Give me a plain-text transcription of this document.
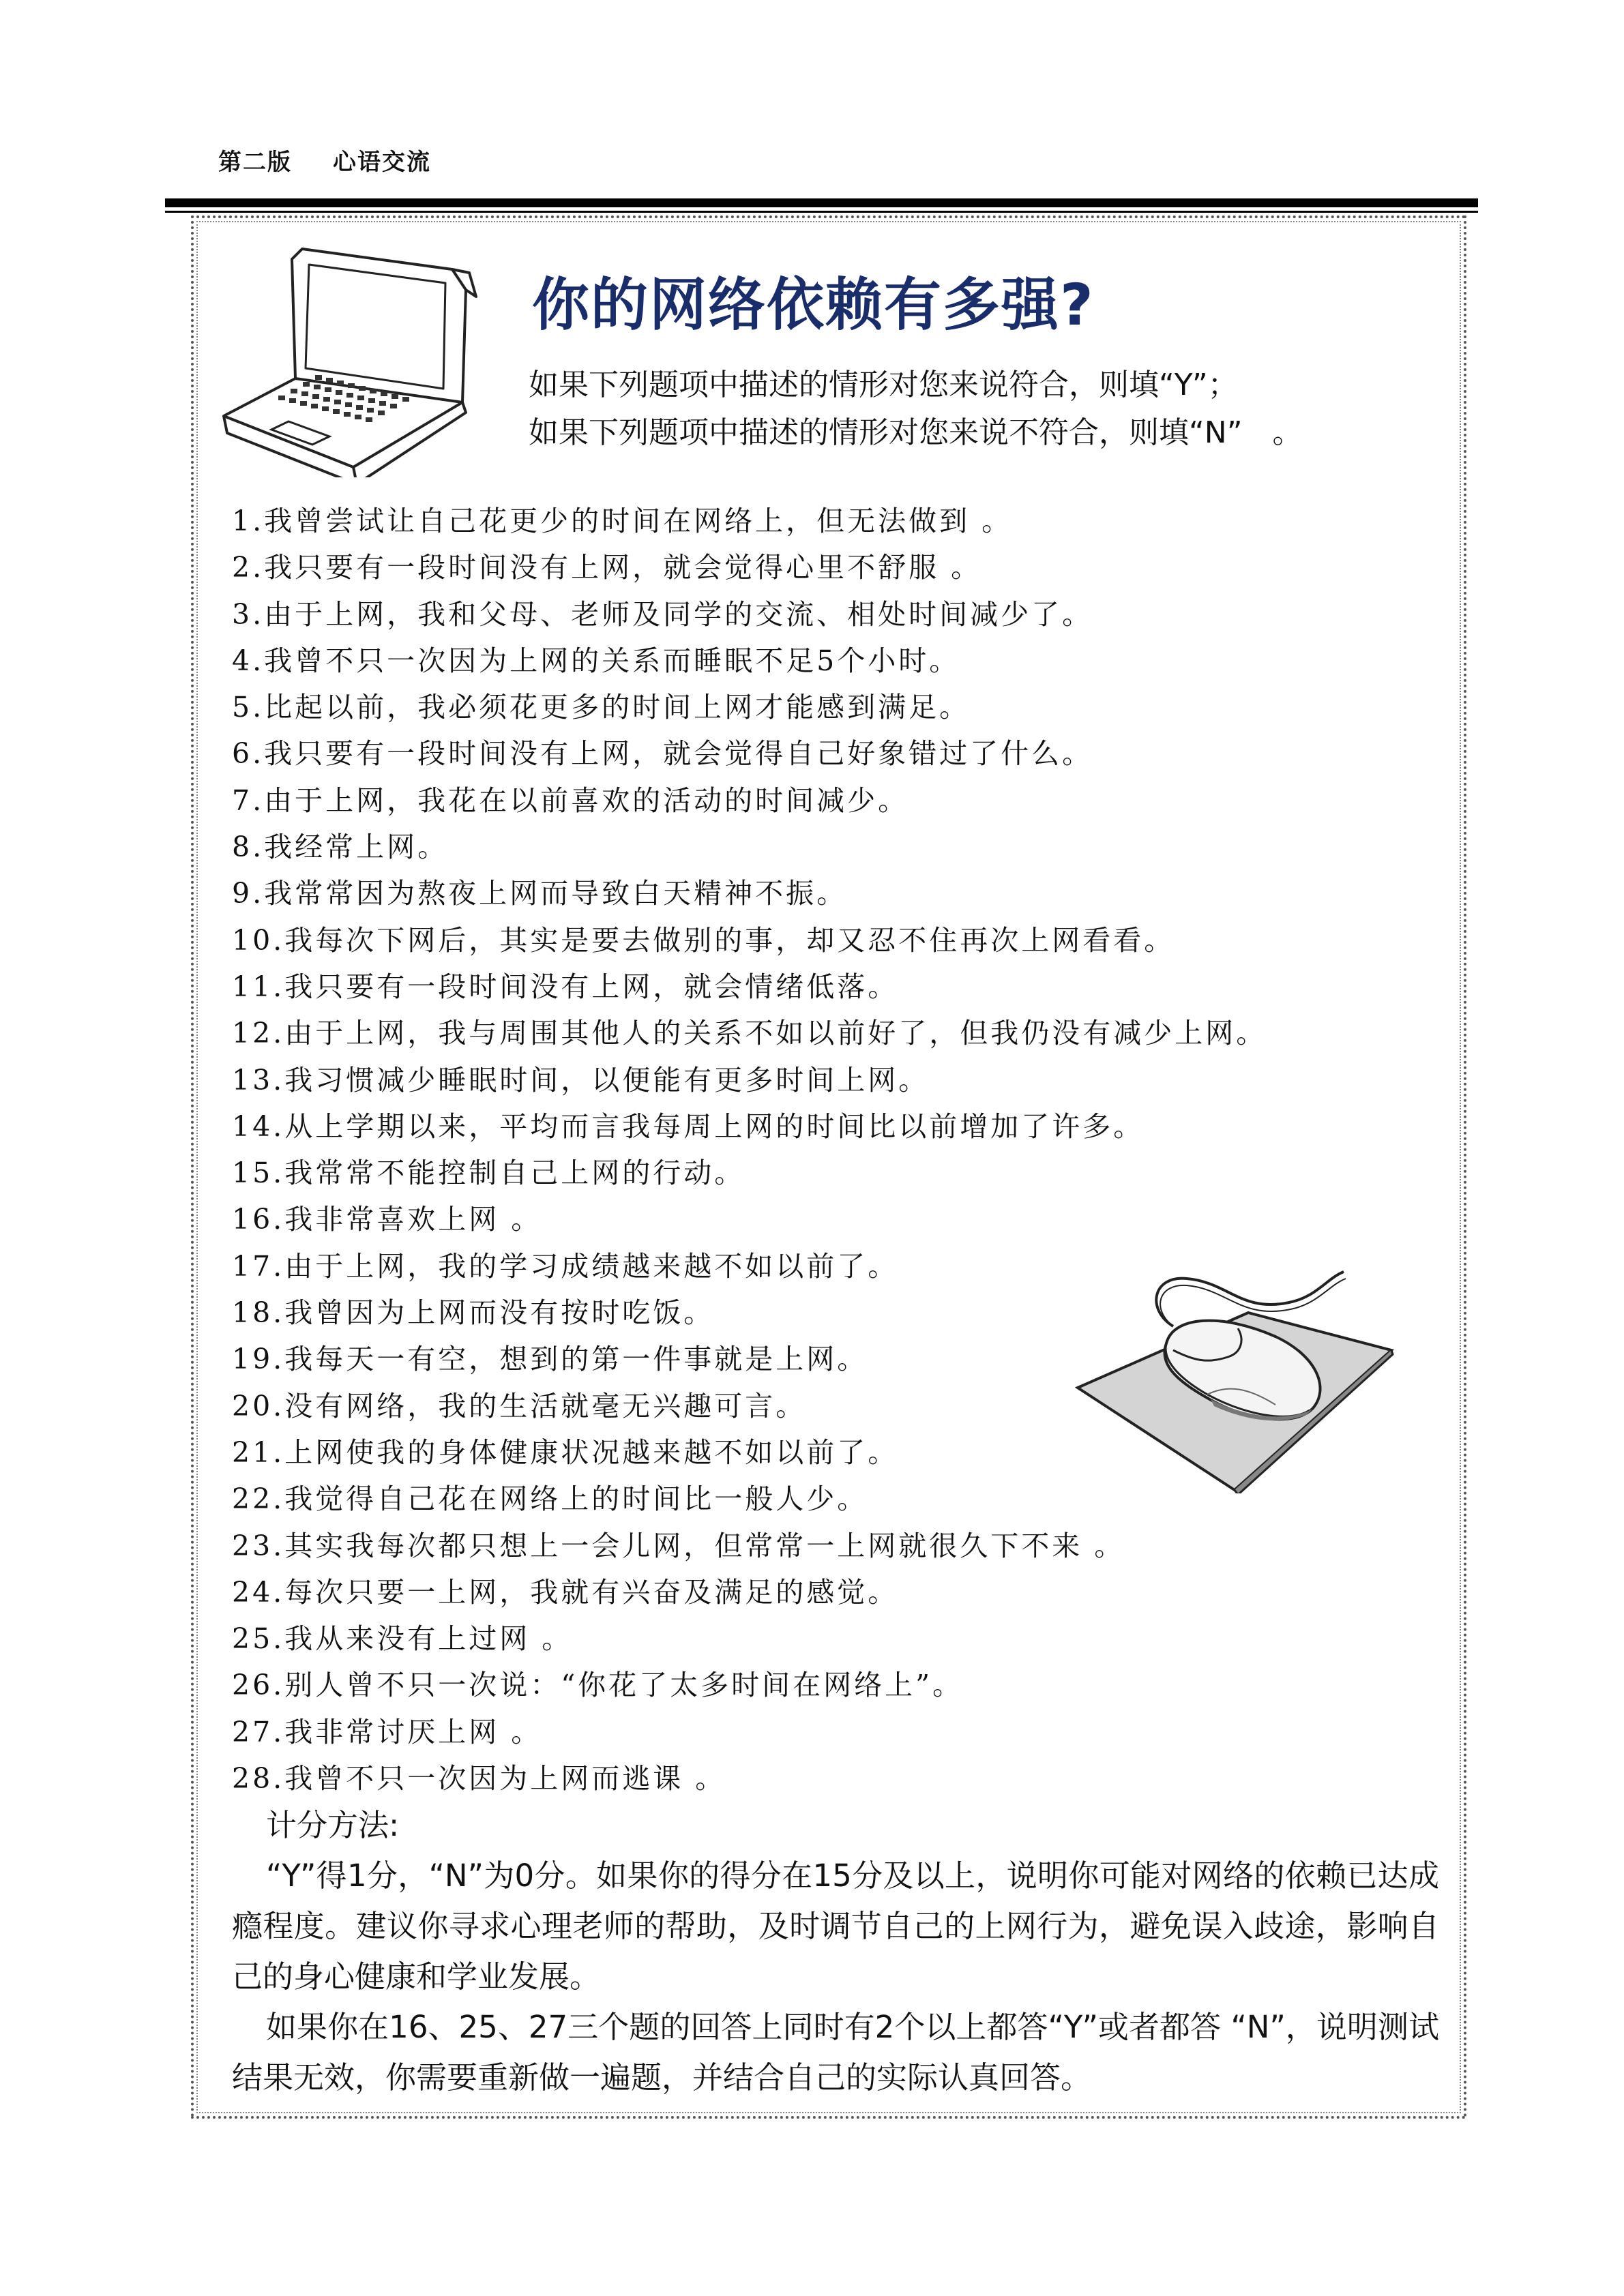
第二版 心语交流
你的网络依赖有多强?
如果下列题项中描述的情形对您来说符合，则填“Y”；
如果下列题项中描述的情形对您来说不符合，则填“N”　。
1.我曾尝试让自己花更少的时间在网络上，但无法做到 。
2.我只要有一段时间没有上网，就会觉得心里不舒服 。
3.由于上网，我和父母、老师及同学的交流、相处时间减少了。
4.我曾不只一次因为上网的关系而睡眠不足5个小时。
5.比起以前，我必须花更多的时间上网才能感到满足。
6.我只要有一段时间没有上网，就会觉得自己好象错过了什么。
7.由于上网，我花在以前喜欢的活动的时间减少。
8.我经常上网。
9.我常常因为熬夜上网而导致白天精神不振。
10.我每次下网后，其实是要去做别的事，却又忍不住再次上网看看。
11.我只要有一段时间没有上网，就会情绪低落。
12.由于上网，我与周围其他人的关系不如以前好了，但我仍没有减少上网。
13.我习惯减少睡眠时间，以便能有更多时间上网。
14.从上学期以来，平均而言我每周上网的时间比以前增加了许多。
15.我常常不能控制自己上网的行动。
16.我非常喜欢上网 。
17.由于上网，我的学习成绩越来越不如以前了。
18.我曾因为上网而没有按时吃饭。
19.我每天一有空，想到的第一件事就是上网。
20.没有网络，我的生活就毫无兴趣可言。
21.上网使我的身体健康状况越来越不如以前了。
22.我觉得自己花在网络上的时间比一般人少。
23.其实我每次都只想上一会儿网，但常常一上网就很久下不来 。
24.每次只要一上网，我就有兴奋及满足的感觉。
25.我从来没有上过网 。
26.别人曾不只一次说：“你花了太多时间在网络上”。
27.我非常讨厌上网 。
28.我曾不只一次因为上网而逃课 。
计分方法:

“Y”得1分，“N”为0分。如果你的得分在15分及以上，说明你可能对网络的依赖已达成瘾程度。建议你寻求心理老师的帮助，及时调节自己的上网行为，避免误入歧途，影响自己的身心健康和学业发展。

如果你在16、25、27三个题的回答上同时有2个以上都答“Y”或者都答 “N”，说明测试结果无效，你需要重新做一遍题，并结合自己的实际认真回答。
